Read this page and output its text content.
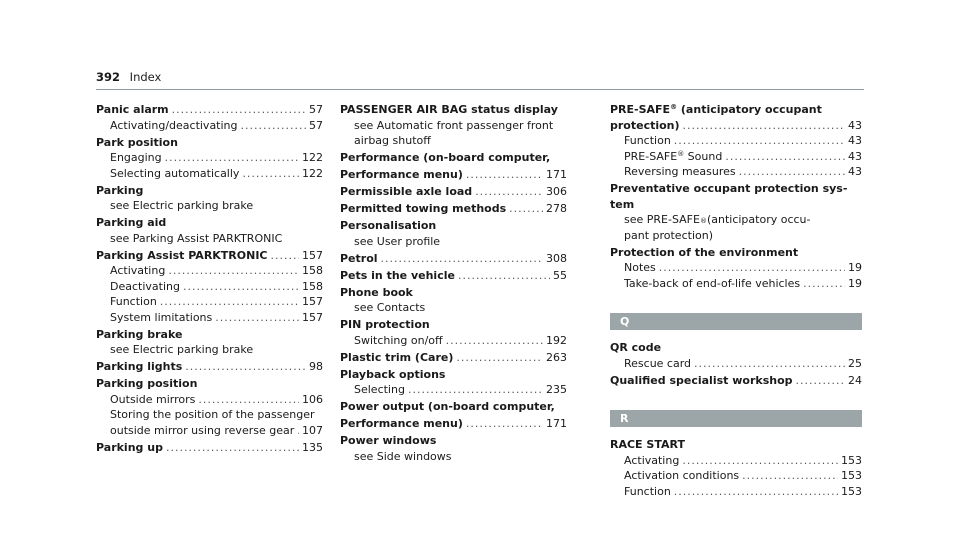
392 Index
Panic alarm .....	57
Activating/deactivating .....	57
Park position
Engaging .....	122
Selecting automatically .....	122
Parking
see Electric parking brake
Parking aid
see Parking Assist PARKTRONIC
Parking Assist PARKTRONIC .....	157
Activating .....	158
Deactivating .....	158
Function .....	157
System limitations .....	157
Parking brake
see Electric parking brake
Parking lights .....	98
Parking position
Outside mirrors .....	106
Storing the position of the passenger
outside mirror using reverse gear ..... 107
Parking up .....	135
PASSENGER AIR BAG status display
see Automatic front passenger front
airbag shutoff
Performance (on-board computer,
Performance menu) .....	171
Permissible axle load .....	306
Permitted towing methods .....	278
Personalisation
see User profile
Petrol .....	308
Pets in the vehicle .....	55
Phone book
see Contacts
PIN protection
Switching on/off .....	192
Plastic trim (Care) .....	263
Playback options
Selecting .....	235
Power output (on-board computer,
Performance menu) .....	171
Power windows
see Side windows
PRE-SAFE® (anticipatory occupant
protection) .....	43
Function .....	43
PRE-SAFE® Sound .....	43
Reversing measures .....	43
Preventative occupant protection sys-
tem
see PRE-SAFE ® (anticipatory occu-
pant protection)
Protection of the environment
Notes .....	19
Take-back of end-of-life vehicles .....	19
Q
QR code
Rescue card .....	25
Qualified specialist workshop .....	24
R
RACE START
Activating .....	153
Activation conditions .....	153
Function .....	153
